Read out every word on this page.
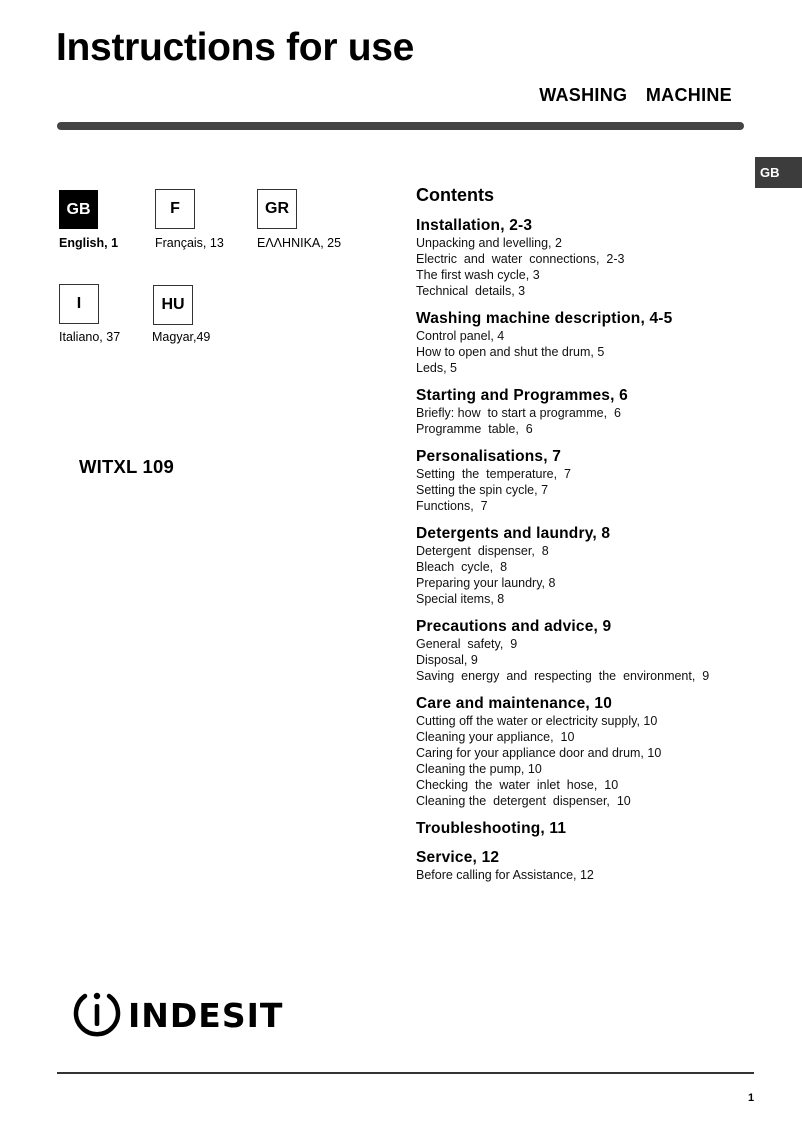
Instructions for use
WASHING  MACHINE
GB
GB
English, 1
F
Français, 13
GR
ΕΛΛΗΝΙΚΑ, 25
I
Italiano, 37
HU
Magyar,49
WITXL 109
Contents
Installation, 2-3
Unpacking and levelling, 2
Electric  and  water  connections,  2-3
The first wash cycle, 3
Technical  details, 3
Washing machine description, 4-5
Control panel, 4
How to open and shut the drum, 5
Leds, 5
Starting and Programmes, 6
Briefly: how  to start a programme,  6
Programme  table,  6
Personalisations, 7
Setting  the  temperature,  7
Setting the spin cycle, 7
Functions,  7
Detergents and laundry, 8
Detergent  dispenser,  8
Bleach  cycle,  8
Preparing your laundry, 8
Special items, 8
Precautions and advice, 9
General  safety,  9
Disposal, 9
Saving  energy  and  respecting  the  environment,  9
Care and maintenance, 10
Cutting off the water or electricity supply, 10
Cleaning your appliance,  10
Caring for your appliance door and drum, 10
Cleaning the pump, 10
Checking  the  water  inlet  hose,  10
Cleaning the  detergent  dispenser,  10
Troubleshooting, 11
Service, 12
Before calling for Assistance, 12
INDESIT
1
